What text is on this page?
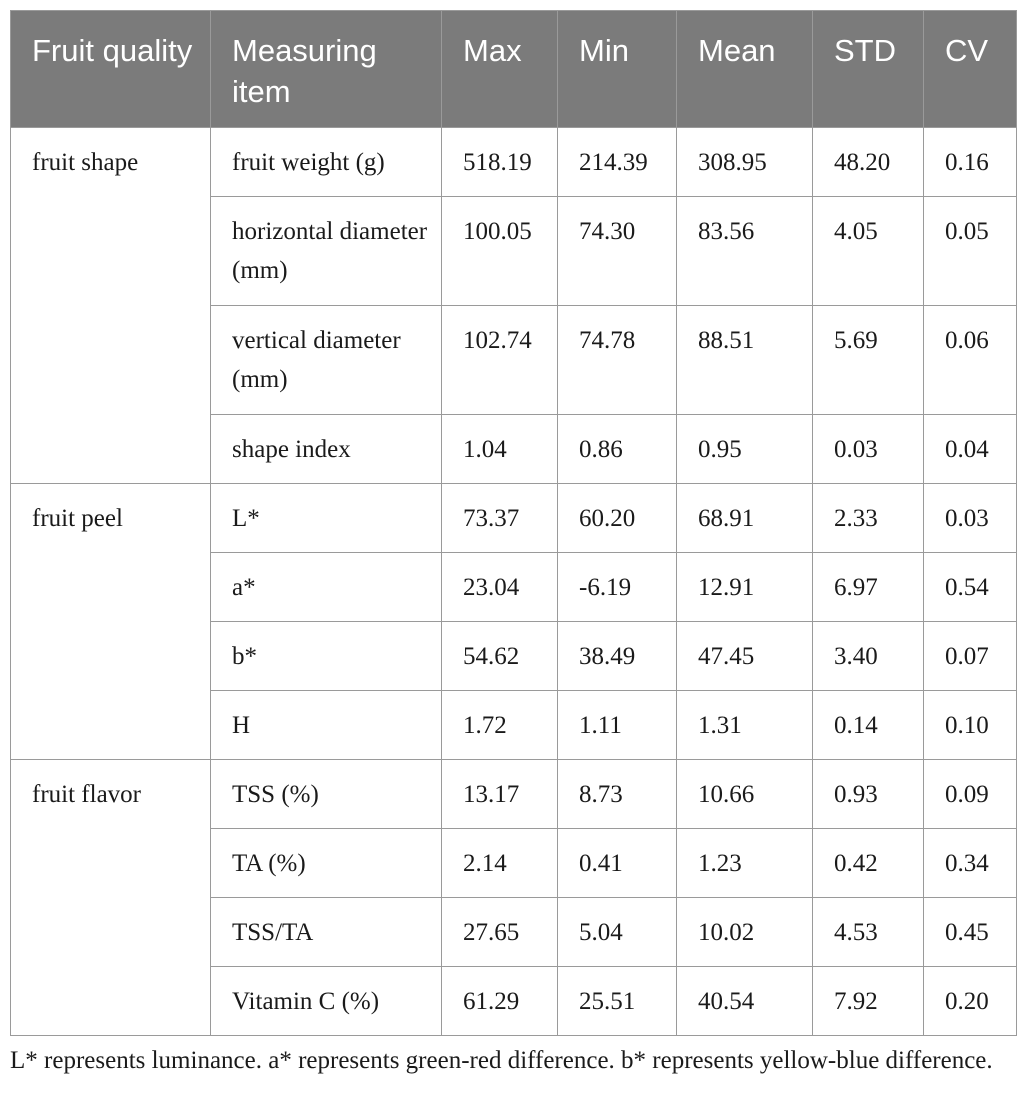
Fruit quality	Measuring item	Max	Min	Mean	STD	CV
fruit shape	fruit weight (g)	518.19	214.39	308.95	48.20	0.16
	horizontal diameter (mm)	100.05	74.30	83.56	4.05	0.05
	vertical diameter (mm)	102.74	74.78	88.51	5.69	0.06
	shape index	1.04	0.86	0.95	0.03	0.04
fruit peel	L*	73.37	60.20	68.91	2.33	0.03
	a*	23.04	-6.19	12.91	6.97	0.54
	b*	54.62	38.49	47.45	3.40	0.07
	H	1.72	1.11	1.31	0.14	0.10
fruit flavor	TSS (%)	13.17	8.73	10.66	0.93	0.09
	TA (%)	2.14	0.41	1.23	0.42	0.34
	TSS/TA	27.65	5.04	10.02	4.53	0.45
	Vitamin C (%)	61.29	25.51	40.54	7.92	0.20
L* represents luminance. a* represents green-red difference. b* represents yellow-blue difference.
